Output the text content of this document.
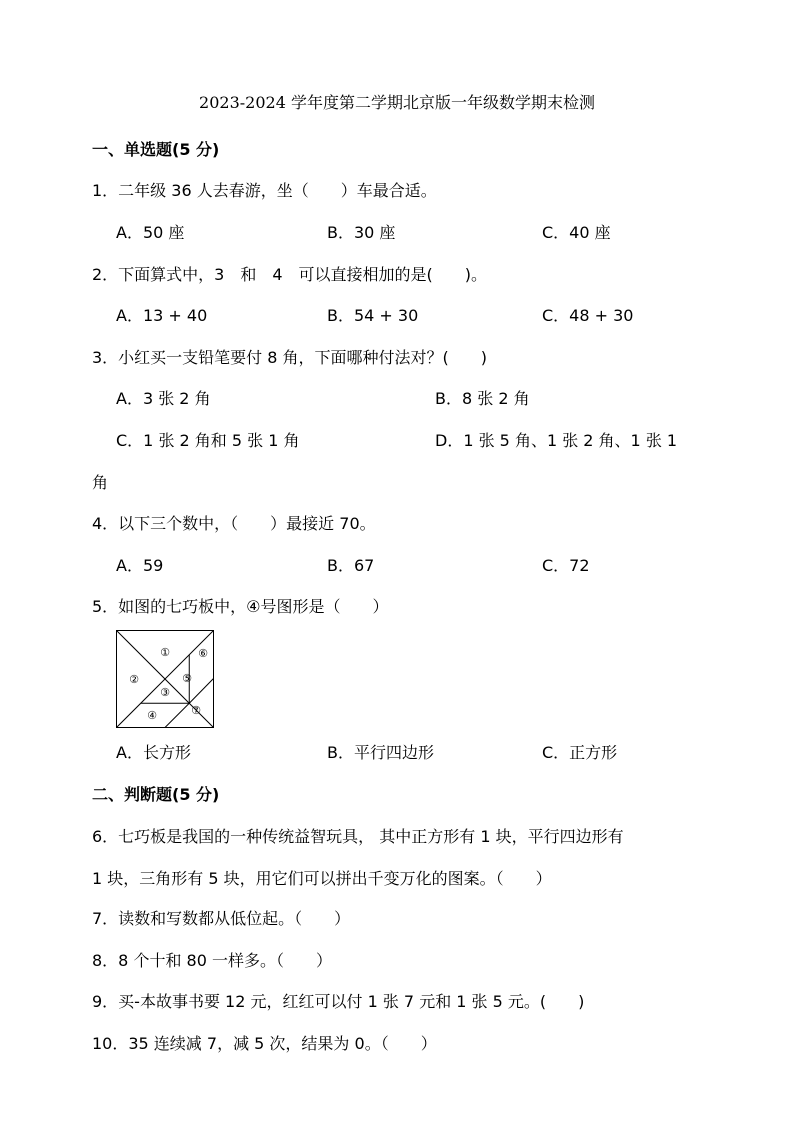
2023-2024 学年度第二学期北京版一年级数学期末检测
一、单选题(5 分)
1．二年级 36 人去春游，坐（　　）车最合适。
A．50 座	B．30 座	C．40 座
2．下面算式中，3　和　4　可以直接相加的是(　　)。
A．13 + 40	B．54 + 30	C．48 + 30
3．小红买一支铅笔要付 8 角，下面哪种付法对？(　　)
A．3 张 2 角	B．8 张 2 角
C．1 张 2 角和 5 张 1 角	D．1 张 5 角、1 张 2 角、1 张 1
角
4．以下三个数中，（　　）最接近 70。
A．59	B．67	C．72
5．如图的七巧板中，④号图形是（　　）
①
②
③
④
⑤
⑥
⑦
A．长方形	B．平行四边形	C．正方形
二、判断题(5 分)
6．七巧板是我国的一种传统益智玩具， 其中正方形有 1 块，平行四边形有
1 块，三角形有 5 块，用它们可以拼出千变万化的图案。（　　）
7．读数和写数都从低位起。（　　）
8．8 个十和 80 一样多。（　　）
9．买-本故事书要 12 元，红红可以付 1 张 7 元和 1 张 5 元。(　　)
10．35 连续减 7，减 5 次，结果为 0。（　　）
